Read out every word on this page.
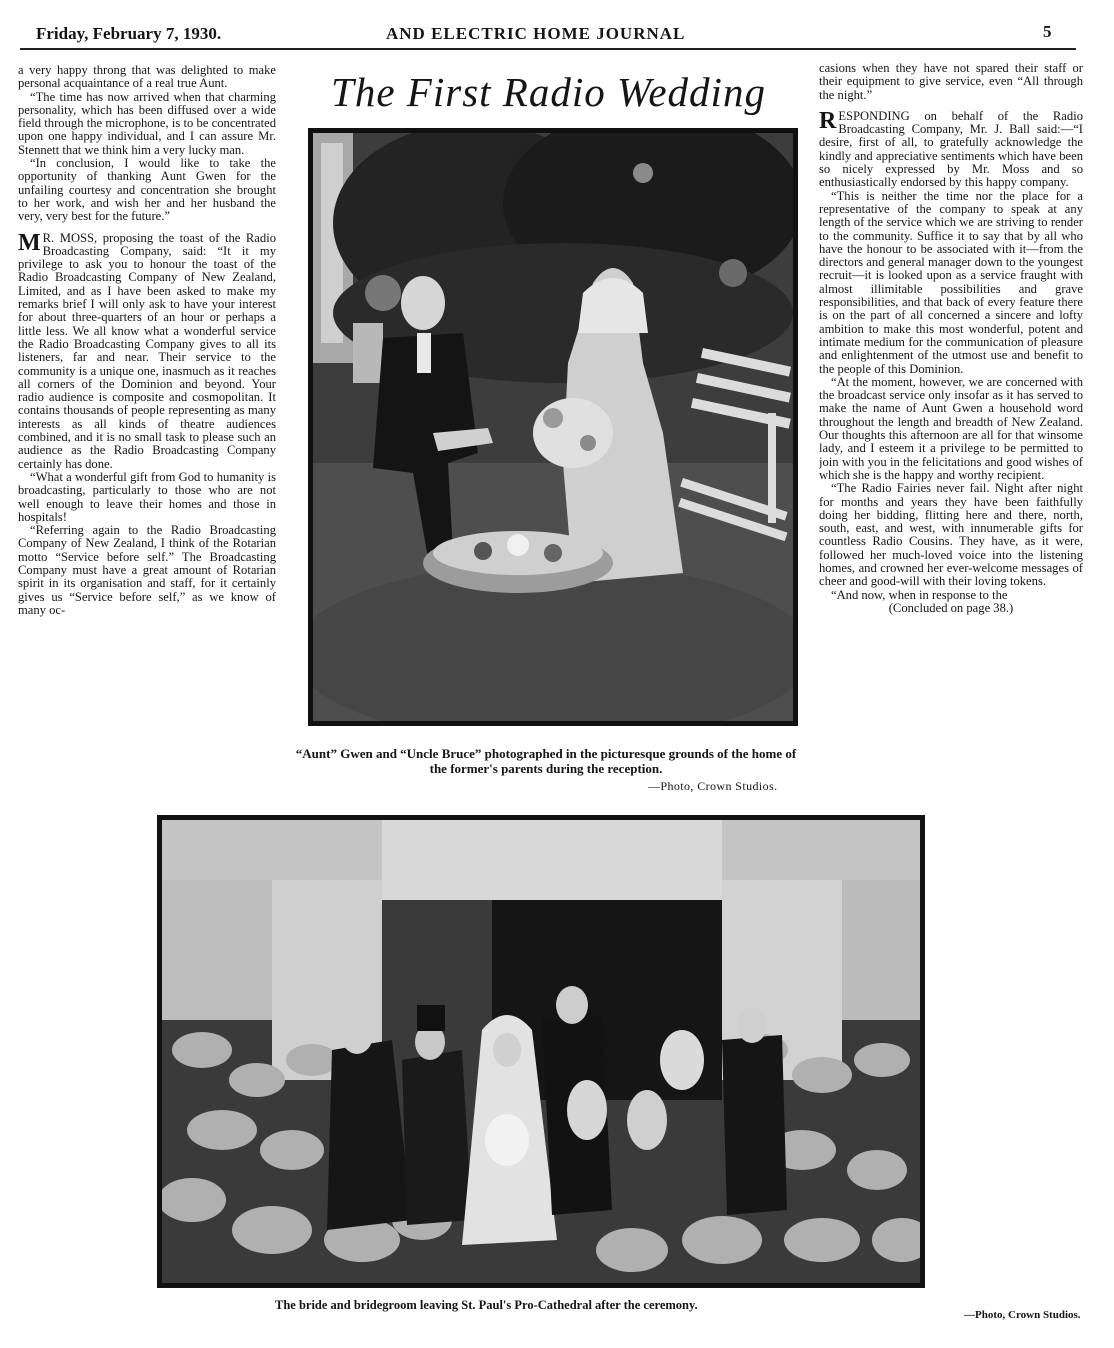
Friday, February 7, 1930.	AND ELECTRIC HOME JOURNAL	5

a very happy throng that was delighted to make personal acquaintance of a real true Aunt.

“The time has now arrived when that charming personality, which has been diffused over a wide field through the microphone, is to be concentrated upon one happy individual, and I can assure Mr. Stennett that we think him a very lucky man.

“In conclusion, I would like to take the opportunity of thanking Aunt Gwen for the unfailing courtesy and concentration she brought to her work, and wish her and her husband the very, very best for the future.”

M R. MOSS, proposing the toast of the Radio Broadcasting Company, said: “It it my privilege to ask you to honour the toast of the Radio Broadcasting Company of New Zealand, Limited, and as I have been asked to make my remarks brief I will only ask to have your interest for about three-quarters of an hour or perhaps a little less. We all know what a wonderful service the Radio Broadcasting Company gives to all its listeners, far and near. Their service to the community is a unique one, inasmuch as it reaches all corners of the Dominion and beyond. Your radio audience is composite and cosmopolitan. It contains thousands of people representing as many interests as all kinds of theatre audiences combined, and it is no small task to please such an audience as the Radio Broadcasting Company certainly has done.

“What a wonderful gift from God to humanity is broadcasting, particularly to those who are not well enough to leave their homes and those in hospitals!

“Referring again to the Radio Broadcasting Company of New Zealand, I think of the Rotarian motto “Service before self.” The Broadcasting Company must have a great amount of Rotarian spirit in its organisation and staff, for it certainly gives us “Service before self,” as we know of many oc-

The First Radio Wedding
“Aunt” Gwen and “Uncle Bruce” photographed in the picturesque grounds of the home of the former's parents during the reception.
—Photo, Crown Studios.

casions when they have not spared their staff or their equipment to give service, even “All through the night.”

RESPONDING on behalf of the Radio Broadcasting Company, Mr. J. Ball said:—“I desire, first of all, to gratefully acknowledge the kindly and appreciative sentiments which have been so nicely expressed by Mr. Moss and so enthusiastically endorsed by this happy company.

“This is neither the time nor the place for a representative of the company to speak at any length of the service which we are striving to render to the community. Suffice it to say that by all who have the honour to be associated with it—from the directors and general manager down to the youngest recruit—it is looked upon as a service fraught with almost illimitable possibilities and grave responsibilities, and that back of every feature there is on the part of all concerned a sincere and lofty ambition to make this most wonderful, potent and intimate medium for the communication of pleasure and enlightenment of the utmost use and benefit to the people of this Dominion.

“At the moment, however, we are concerned with the broadcast service only insofar as it has served to make the name of Aunt Gwen a household word throughout the length and breadth of New Zealand. Our thoughts this afternoon are all for that winsome lady, and I esteem it a privilege to be permitted to join with you in the felicitations and good wishes of which she is the happy and worthy recipient.

“The Radio Fairies never fail. Night after night for months and years they have been faithfully doing her bidding, flitting here and there, north, south, east, and west, with innumerable gifts for countless Radio Cousins. They have, as it were, followed her much-loved voice into the listening homes, and crowned her ever-welcome messages of cheer and good-will with their loving tokens.

“And now, when in response to the

(Concluded on page 38.)

The bride and bridegroom leaving St. Paul's Pro-Cathedral after the ceremony.
—Photo, Crown Studios.
